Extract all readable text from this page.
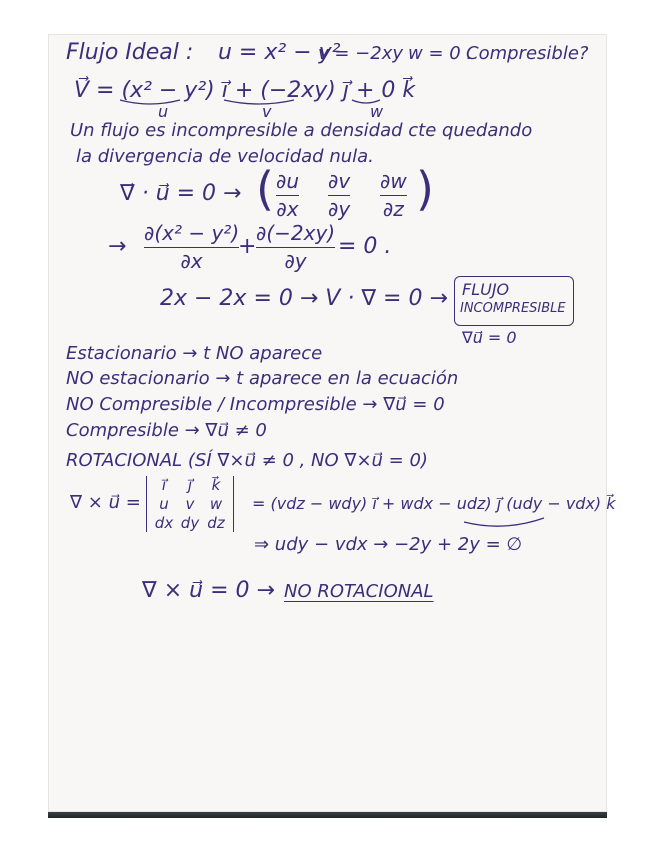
Flujo Ideal : u = x² − y²
v = −2xy w = 0 .
Compresible?
V⃗ = (x² − y²) i⃗ + (−2xy) j⃗ + 0 k⃗
u	v	w
Un flujo es incompresible a densidad cte quedando
la divergencia de velocidad nula.
∇⃗ · u⃗ = 0 → ( ∂u
∂x
∂v
∂y
∂w
∂z )
→
∂(x² − y²)
∂x
+
∂(−2xy)
∂y
= 0 .
2x − 2x = 0 → V · ∇ = 0 → FLUJO
INCOMPRESIBLE
∇u⃗ = 0
Estacionario → t NO aparece
NO estacionario → t aparece en la ecuación
NO Compresible / Incompresible → ∇u⃗ = 0
Compresible → ∇u⃗ ≠ 0
ROTACIONAL (SÍ ∇×u⃗ ≠ 0 , NO ∇×u⃗ = 0)
∇ × u⃗ =
i⃗	j⃗	k⃗
u	v	w
dx dy dz
= (vdz − wdy) i⃗ + wdx − udz) j⃗ (udy − vdx) k⃗
⇒ udy − vdx → −2y + 2y = ∅
∇ × u⃗ = 0 → NO ROTACIONAL
